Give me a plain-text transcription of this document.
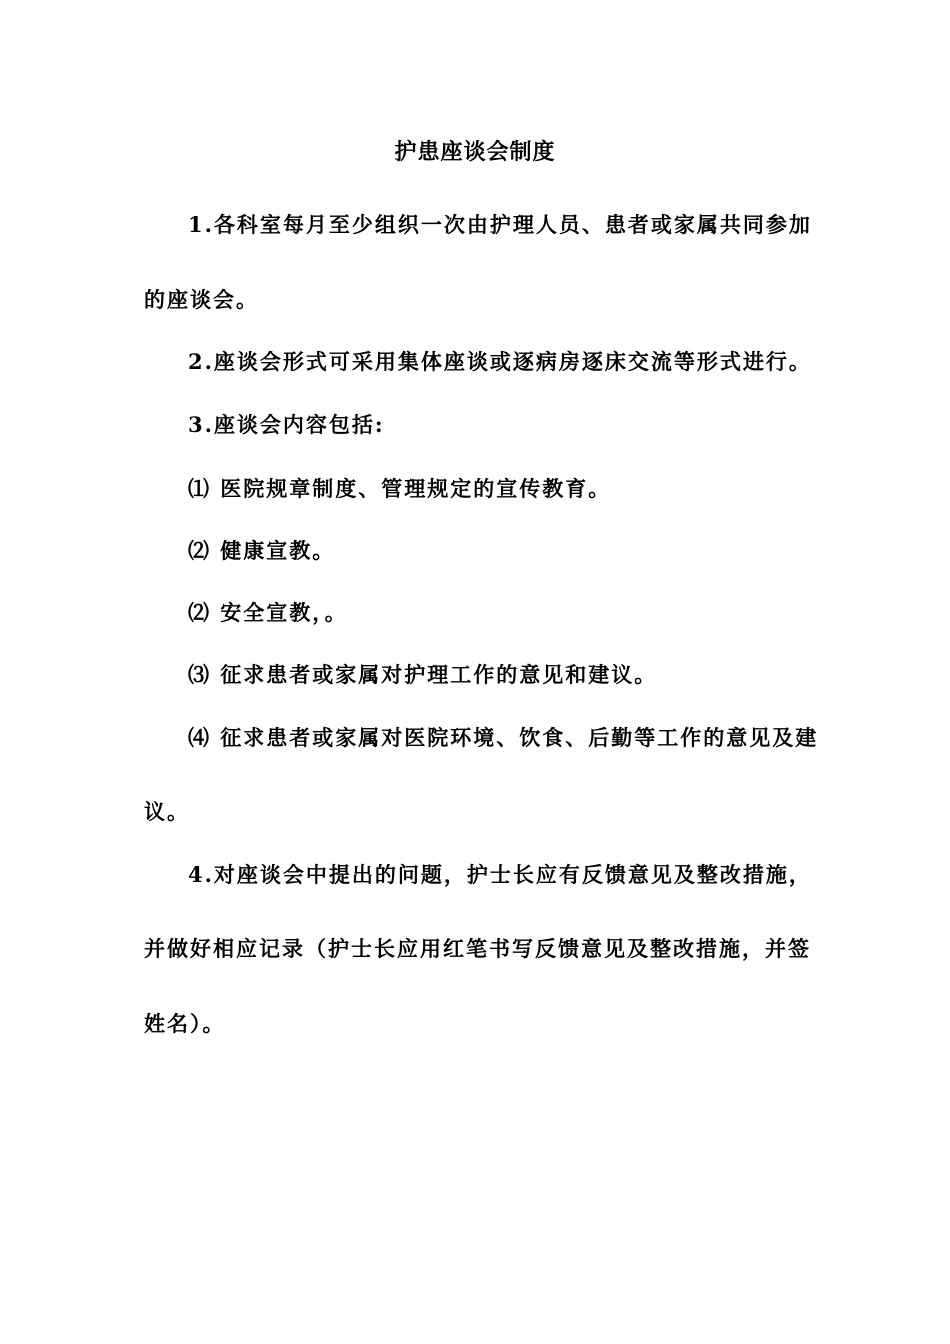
护患座谈会制度
1.各科室每月至少组织一次由护理人员、患者或家属共同参加
的座谈会。
2.座谈会形式可采用集体座谈或逐病房逐床交流等形式进行。
3.座谈会内容包括:
⑴ 医院规章制度、管理规定的宣传教育。
⑵ 健康宣教。
⑵ 安全宣教，。
⑶ 征求患者或家属对护理工作的意见和建议。
⑷ 征求患者或家属对医院环境、饮食、后勤等工作的意见及建
议。
4.对座谈会中提出的问题，护士长应有反馈意见及整改措施，
并做好相应记录（护士长应用红笔书写反馈意见及整改措施，并签
姓名）。
